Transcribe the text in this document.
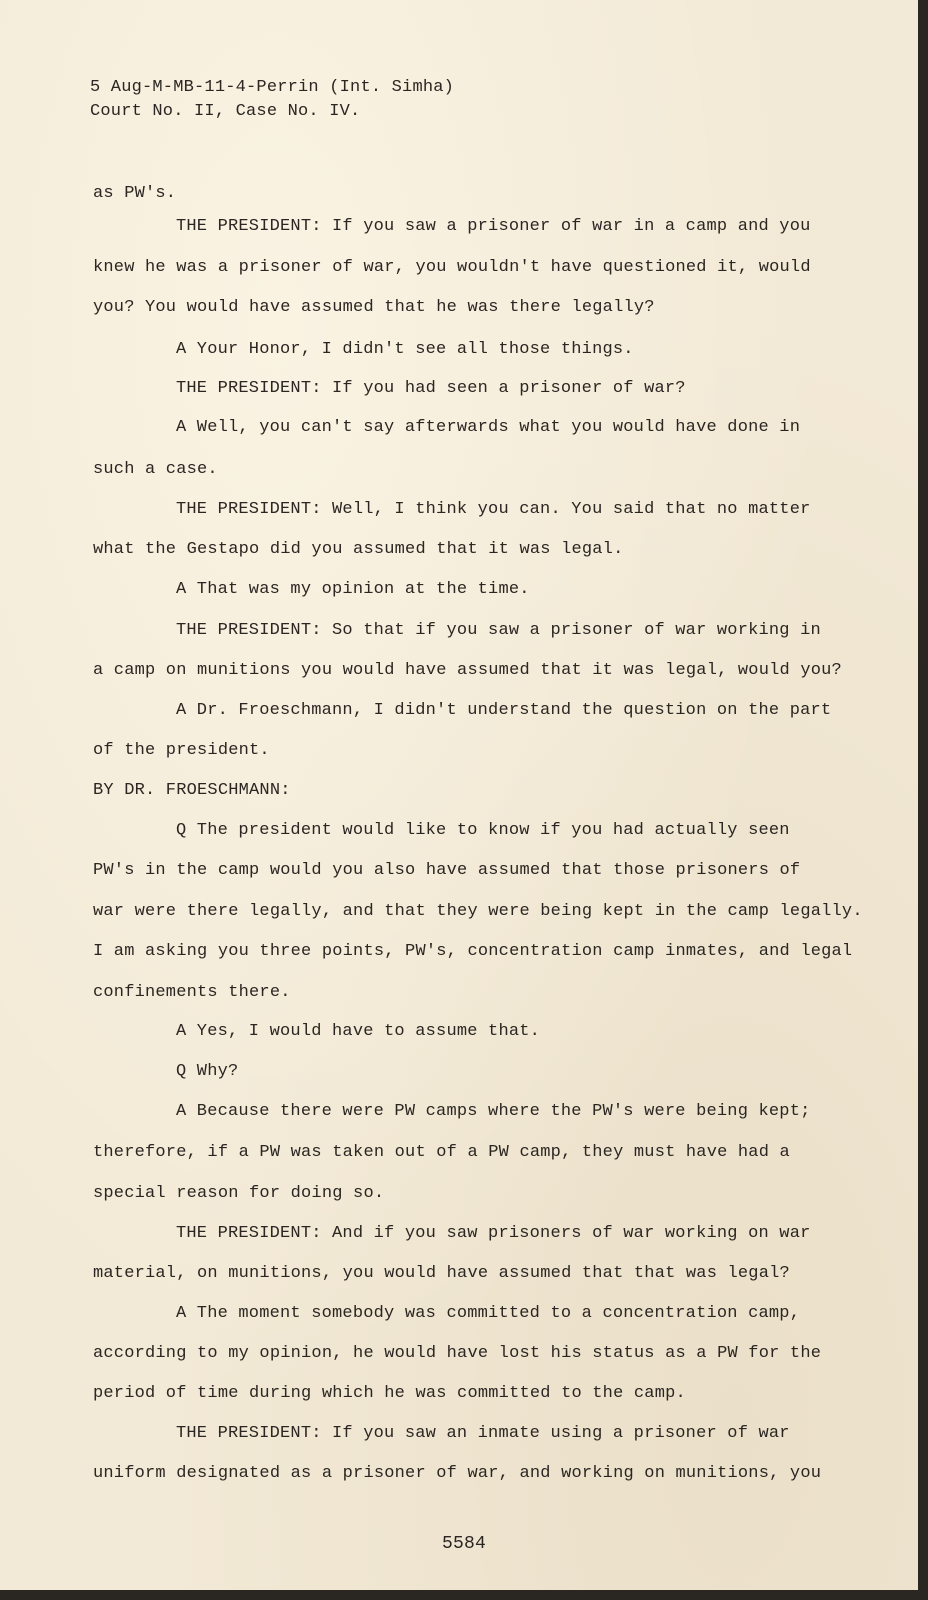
5 Aug-M-MB-11-4-Perrin (Int. Simha)
Court No. II, Case No. IV.
as PW's.
THE PRESIDENT: If you saw a prisoner of war in a camp and you
knew he was a prisoner of war, you wouldn't have questioned it, would
you? You would have assumed that he was there legally?
A Your Honor, I didn't see all those things.
THE PRESIDENT: If you had seen a prisoner of war?
A Well, you can't say afterwards what you would have done in
such a case.
THE PRESIDENT: Well, I think you can. You said that no matter
what the Gestapo did you assumed that it was legal.
A That was my opinion at the time.
THE PRESIDENT: So that if you saw a prisoner of war working in
a camp on munitions you would have assumed that it was legal, would you?
A Dr. Froeschmann, I didn't understand the question on the part
of the president.
BY DR. FROESCHMANN:
Q The president would like to know if you had actually seen
PW's in the camp would you also have assumed that those prisoners of
war were there legally, and that they were being kept in the camp legally.
I am asking you three points, PW's, concentration camp inmates, and legal
confinements there.
A Yes, I would have to assume that.
Q Why?
A Because there were PW camps where the PW's were being kept;
therefore, if a PW was taken out of a PW camp, they must have had a
special reason for doing so.
THE PRESIDENT: And if you saw prisoners of war working on war
material, on munitions, you would have assumed that that was legal?
A The moment somebody was committed to a concentration camp,
according to my opinion, he would have lost his status as a PW for the
period of time during which he was committed to the camp.
THE PRESIDENT: If you saw an inmate using a prisoner of war
uniform designated as a prisoner of war, and working on munitions, you
5584
